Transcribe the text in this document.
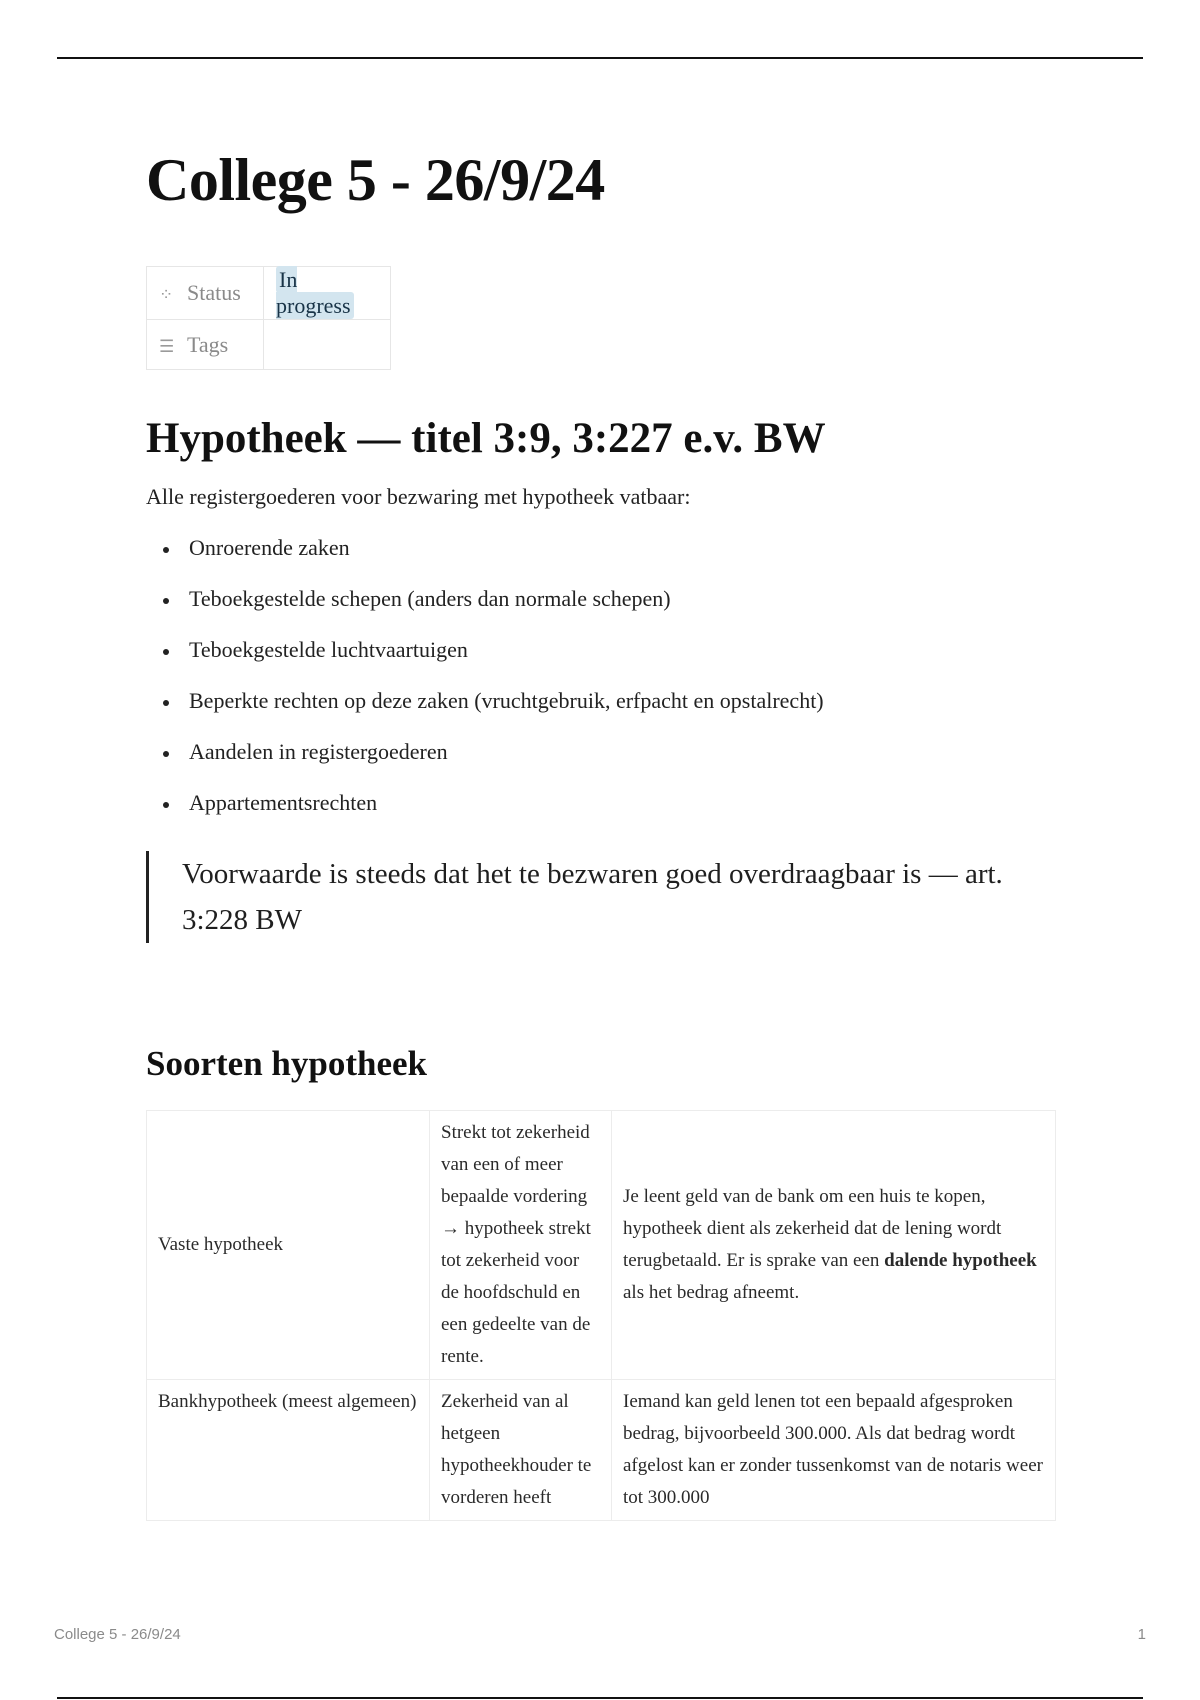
College 5 - 26/9/24
⁘ Status	In progress
☰ Tags	
Hypotheek — titel 3:9, 3:227 e.v. BW

Alle registergoederen voor bezwaring met hypotheek vatbaar:

Onroerende zaken
Teboekgestelde schepen (anders dan normale schepen)
Teboekgestelde luchtvaartuigen
Beperkte rechten op deze zaken (vruchtgebruik, erfpacht en opstalrecht)
Aandelen in registergoederen
Appartementsrechten
Voorwaarde is steeds dat het te bezwaren goed overdraagbaar is — art. 3:228 BW
Soorten hypotheek
Vaste hypotheek	Strekt tot zekerheid van een of meer bepaalde vordering → hypotheek strekt tot zekerheid voor de hoofdschuld en een gedeelte van de rente.	Je leent geld van de bank om een huis te kopen, hypotheek dient als zekerheid dat de lening wordt terugbetaald. Er is sprake van een dalende hypotheek als het bedrag afneemt.
Bankhypotheek (meest algemeen)	Zekerheid van al hetgeen hypotheekhouder te vorderen heeft	Iemand kan geld lenen tot een bepaald afgesproken bedrag, bijvoorbeeld 300.000. Als dat bedrag wordt afgelost kan er zonder tussenkomst van de notaris weer tot 300.000
College 5 - 26/9/24	1
